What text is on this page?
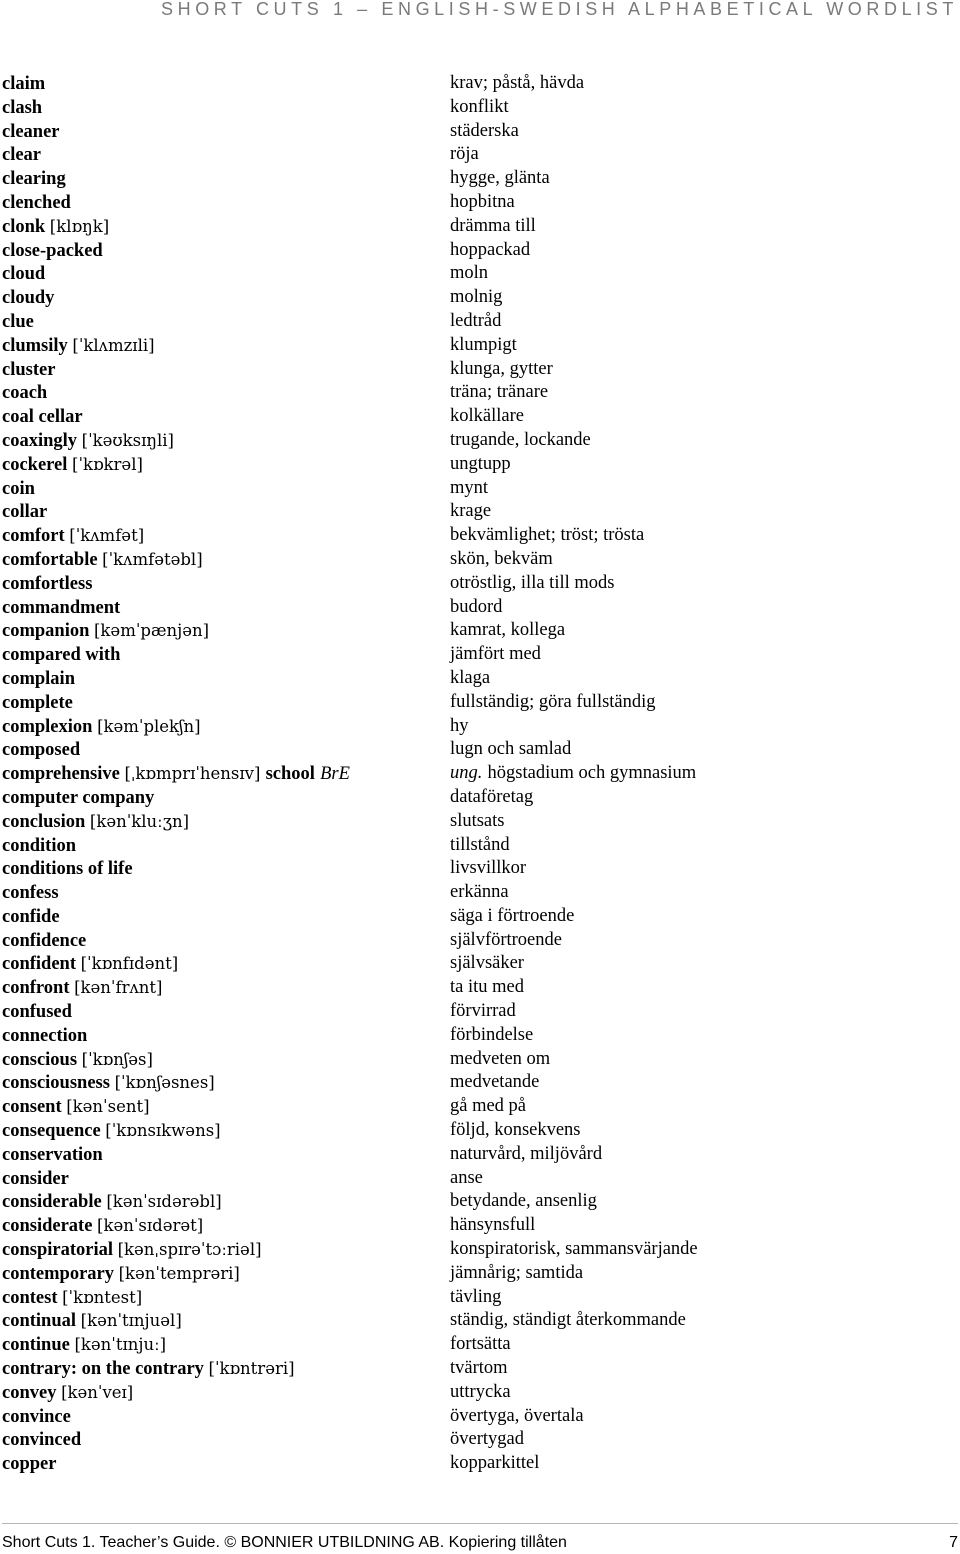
SHORT CUTS 1 – ENGLISH-SWEDISH ALPHABETICAL WORDLIST
claim	krav; påstå, hävda
clash	konflikt
cleaner	städerska
clear	röja
clearing	hygge, glänta
clenched	hopbitna
clonk [klɒŋk]	drämma till
close-packed	hoppackad
cloud	moln
cloudy	molnig
clue	ledtråd
clumsily [ˈklʌmzɪli]	klumpigt
cluster	klunga, gytter
coach	träna; tränare
coal cellar	kolkällare
coaxingly [ˈkəʊksɪŋli]	trugande, lockande
cockerel [ˈkɒkrəl]	ungtupp
coin	mynt
collar	krage
comfort [ˈkʌmfət]	bekvämlighet; tröst; trösta
comfortable [ˈkʌmfətəbl]	skön, bekväm
comfortless	otröstlig, illa till mods
commandment	budord
companion [kəmˈpænjən]	kamrat, kollega
compared with	jämfört med
complain	klaga
complete	fullständig; göra fullständig
complexion [kəmˈplekʃn]	hy
composed	lugn och samlad
comprehensive [ˌkɒmprɪˈhensɪv] school BrE	ung. högstadium och gymnasium
computer company	dataföretag
conclusion [kənˈkluːʒn]	slutsats
condition	tillstånd
conditions of life	livsvillkor
confess	erkänna
confide	säga i förtroende
confidence	självförtroende
confident [ˈkɒnfɪdənt]	självsäker
confront [kənˈfrʌnt]	ta itu med
confused	förvirrad
connection	förbindelse
conscious [ˈkɒnʃəs]	medveten om
consciousness [ˈkɒnʃəsnes]	medvetande
consent [kənˈsent]	gå med på
consequence [ˈkɒnsɪkwəns]	följd, konsekvens
conservation	naturvård, miljövård
consider	anse
considerable [kənˈsɪdərəbl]	betydande, ansenlig
considerate [kənˈsɪdərət]	hänsynsfull
conspiratorial [kənˌspɪrəˈtɔːriəl]	konspiratorisk, sammansvärjande
contemporary [kənˈtemprəri]	jämnårig; samtida
contest [ˈkɒntest]	tävling
continual [kənˈtɪnjuəl]	ständig, ständigt återkommande
continue [kənˈtɪnjuː]	fortsätta
contrary: on the contrary [ˈkɒntrəri]	tvärtom
convey [kənˈveɪ]	uttrycka
convince	övertyga, övertala
convinced	övertygad
copper	kopparkittel
Short Cuts 1. Teacher’s Guide. © BONNIER UTBILDNING AB. Kopiering tillåten	7
